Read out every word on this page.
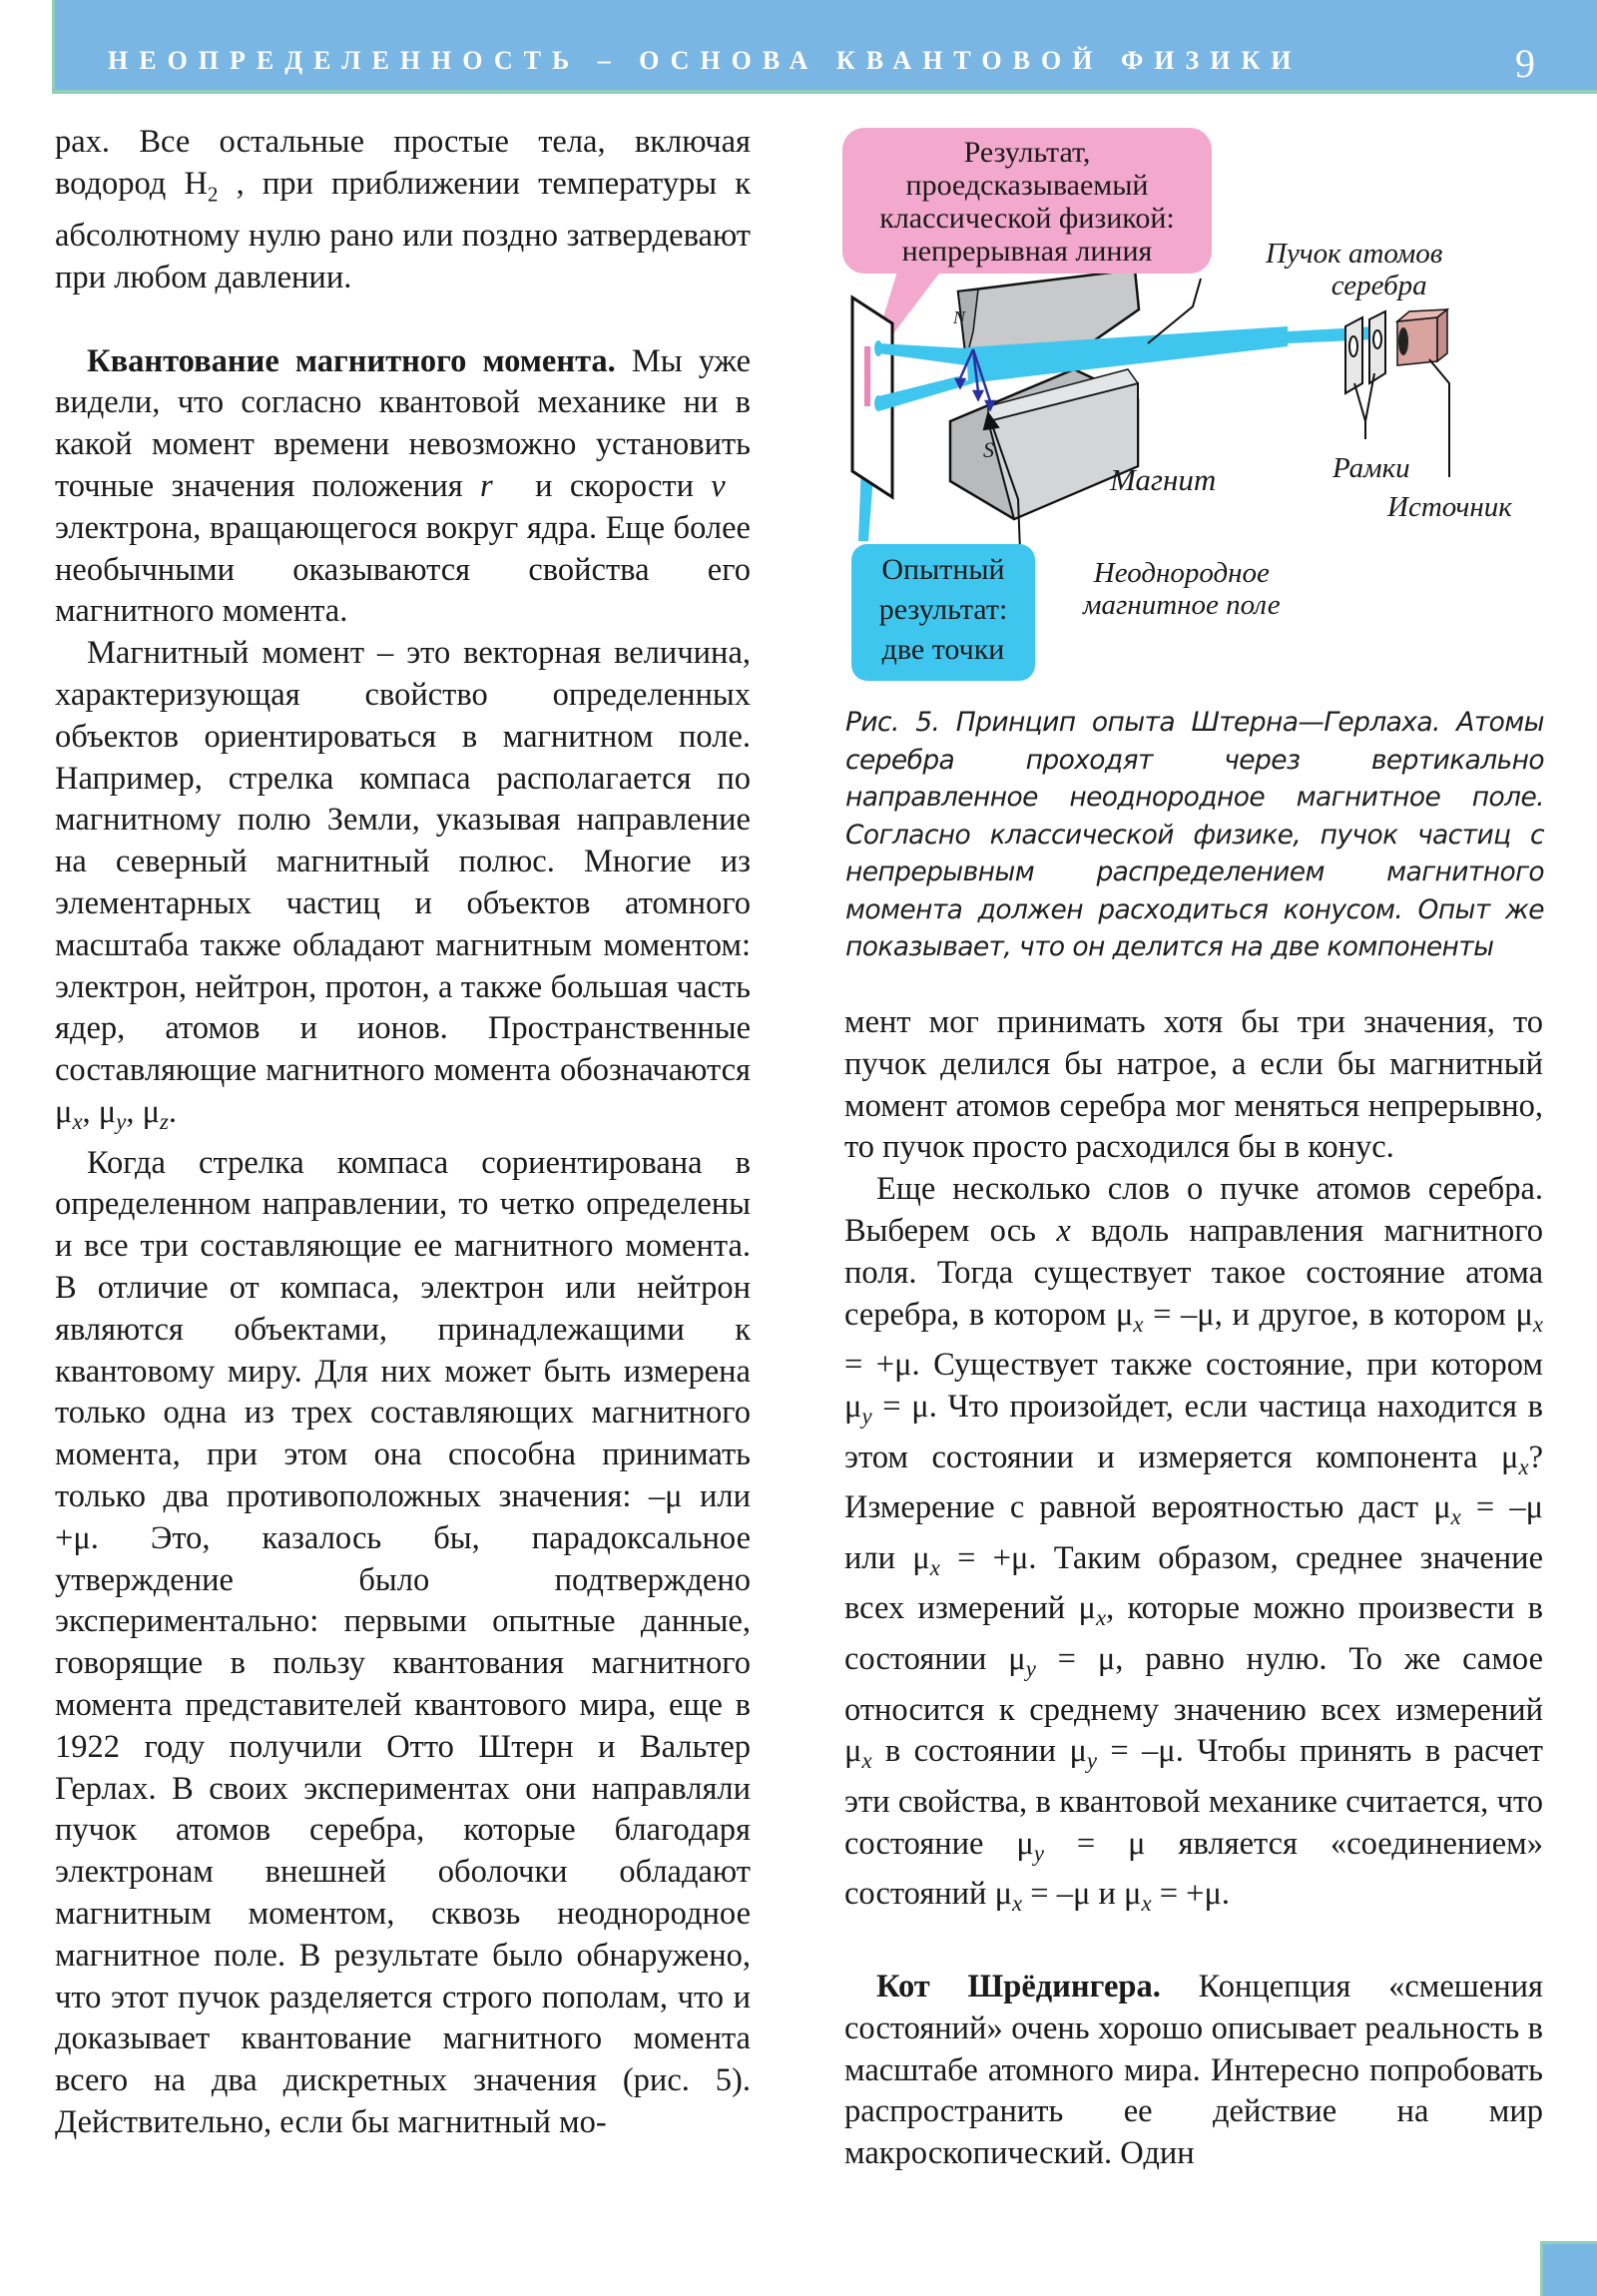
НЕОПРЕДЕЛЕННОСТЬ – ОСНОВА КВАНТОВОЙ ФИЗИКИ	9

рах. Все остальные простые тела, включая водород $H_2$ , при приближении температуры к абсолютному нулю рано или поздно затвердевают при любом давлении.

Квантование магнитного момента. Мы уже видели, что согласно квантовой механике ни в какой момент времени невозможно установить точные значения положения r⃗ и скорости v⃗ электрона, вращающегося вокруг ядра. Еще более необычными оказываются свойства его магнитного момента.

Магнитный момент – это векторная величина, характеризующая свойство определенных объектов ориентироваться в магнитном поле. Например, стрелка компаса располагается по магнитному полю Земли, указывая направление на северный магнитный полюс. Многие из элементарных частиц и объектов атомного масштаба также обладают магнитным моментом: электрон, нейтрон, протон, а также большая часть ядер, атомов и ионов. Пространственные составляющие магнитного момента обозначаются $\mu_x$, $\mu_y$, $\mu_z$.

Когда стрелка компаса сориентирована в определенном направлении, то четко определены и все три составляющие ее магнитного момента. В отличие от компаса, электрон или нейтрон являются объектами, принадлежащими к квантовому миру. Для них может быть измерена только одна из трех составляющих магнитного момента, при этом она способна принимать только два противоположных значения: –μ или +μ. Это, казалось бы, парадоксальное утверждение было подтверждено экспериментально: первыми опытные данные, говорящие в пользу квантования магнитного момента представителей квантового мира, еще в 1922 году получили Отто Штерн и Вальтер Герлах. В своих экспериментах они направляли пучок атомов серебра, которые благодаря электронам внешней оболочки обладают магнитным моментом, сквозь неоднородное магнитное поле. В результате было обнаружено, что этот пучок разделяется строго пополам, что и доказывает квантование магнитного момента всего на два дискретных значения (рис. 5). Действительно, если бы магнитный мо-

N
S
Результат,
проедсказываемый
классической физикой:
непрерывная линия
Опытный
результат:
две точки
Пучок атомов
серебра
Рамки
Источник
Магнит
Неоднородное
магнитное поле
Рис. 5. Принцип опыта Штерна—Герлаха. Атомы серебра проходят через вертикально направленное неоднородное магнитное поле. Согласно классической физике, пучок частиц с непрерывным распределением магнитного момента должен расходиться конусом. Опыт же показывает, что он делится на две компоненты

мент мог принимать хотя бы три значения, то пучок делился бы натрое, а если бы магнитный момент атомов серебра мог меняться непрерывно, то пучок просто расходился бы в конус.

Еще несколько слов о пучке атомов серебра. Выберем ось x вдоль направления магнитного поля. Тогда существует такое состояние атома серебра, в котором $\mu_x = -\mu$, и другое, в котором $\mu_x = +\mu$. Существует также состояние, при котором $\mu_y = \mu$. Что произойдет, если частица находится в этом состоянии и измеряется компонента $\mu_x$? Измерение с равной вероятностью даст $\mu_x = -\mu$ или $\mu_x = +\mu$. Таким образом, среднее значение всех измерений $\mu_x$, которые можно произвести в состоянии $\mu_y = \mu$, равно нулю. То же самое относится к среднему значению всех измерений $\mu_x$ в состоянии $\mu_y = -\mu$. Чтобы принять в расчет эти свойства, в квантовой механике считается, что состояние $\mu_y = \mu$ является «соединением» состояний $\mu_x = -\mu$ и $\mu_x = +\mu$.

Кот Шрёдингера. Концепция «смешения состояний» очень хорошо описывает реальность в масштабе атомного мира. Интересно попробовать распространить ее действие на мир макроскопический. Один
